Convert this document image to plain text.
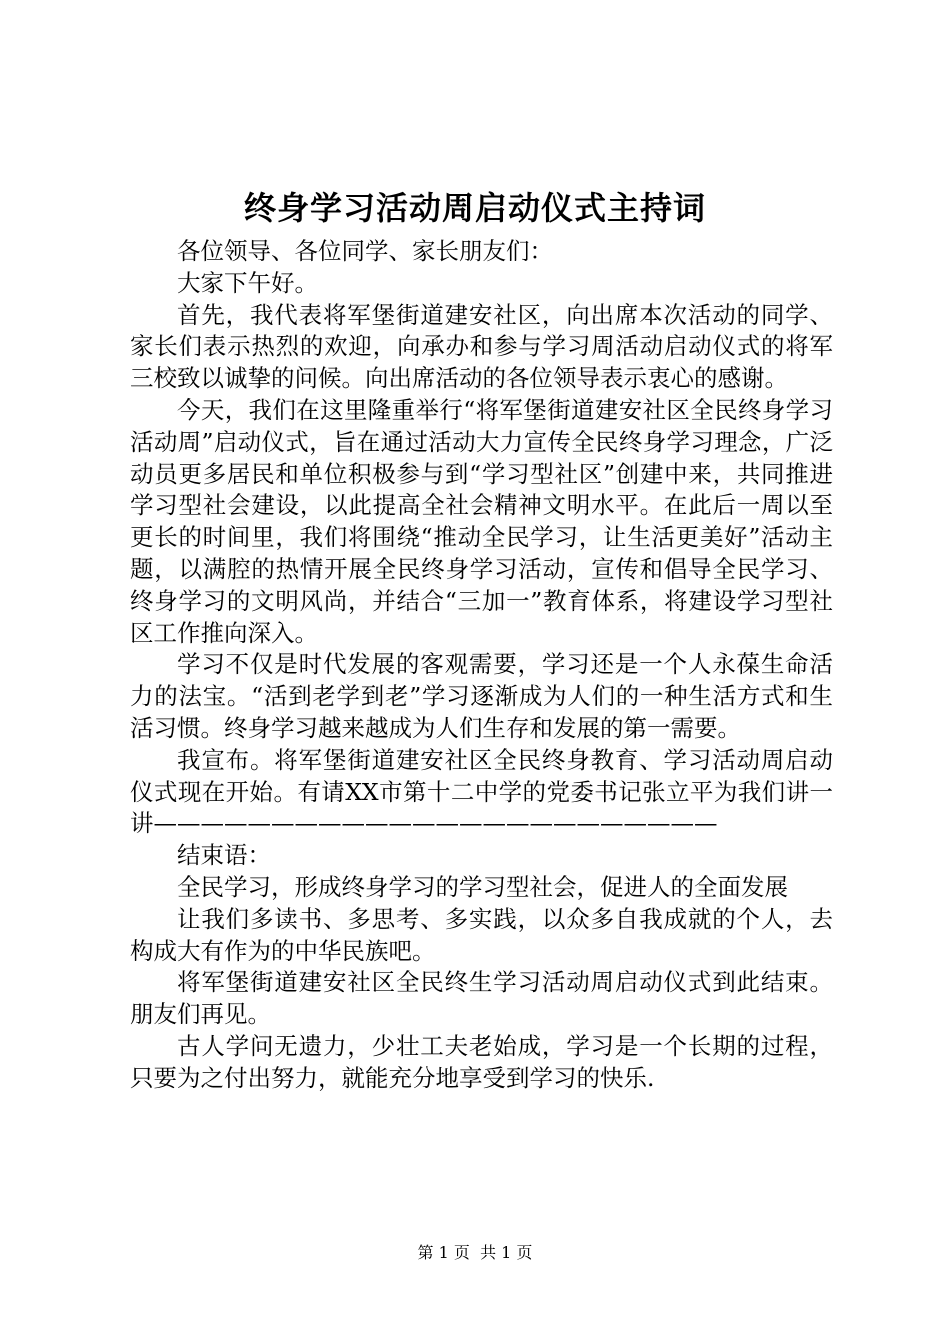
终身学习活动周启动仪式主持词

各位领导、各位同学、家长朋友们：

大家下午好。

首先，我代表将军堡街道建安社区，向出席本次活动的同学、家长们表示热烈的欢迎，向承办和参与学习周活动启动仪式的将军三校致以诚挚的问候。向出席活动的各位领导表示衷心的感谢。

今天，我们在这里隆重举行“将军堡街道建安社区全民终身学习活动周”启动仪式，旨在通过活动大力宣传全民终身学习理念，广泛动员更多居民和单位积极参与到“学习型社区”创建中来，共同推进学习型社会建设，以此提高全社会精神文明水平。在此后一周以至更长的时间里，我们将围绕“推动全民学习，让生活更美好”活动主题，以满腔的热情开展全民终身学习活动，宣传和倡导全民学习、终身学习的文明风尚，并结合“三加一”教育体系，将建设学习型社区工作推向深入。

学习不仅是时代发展的客观需要，学习还是一个人永葆生命活力的法宝。“活到老学到老”学习逐渐成为人们的一种生活方式和生活习惯。终身学习越来越成为人们生存和发展的第一需要。

我宣布。将军堡街道建安社区全民终身教育、学习活动周启动仪式现在开始。有请XX市第十二中学的党委书记张立平为我们讲一讲————————————————————————

结束语：

全民学习，形成终身学习的学习型社会，促进人的全面发展

让我们多读书、多思考、多实践，以众多自我成就的个人，去构成大有作为的中华民族吧。

将军堡街道建安社区全民终生学习活动周启动仪式到此结束。朋友们再见。

古人学问无遗力，少壮工夫老始成，学习是一个长期的过程，只要为之付出努力，就能充分地享受到学习的快乐.

第 1 页  共 1 页
